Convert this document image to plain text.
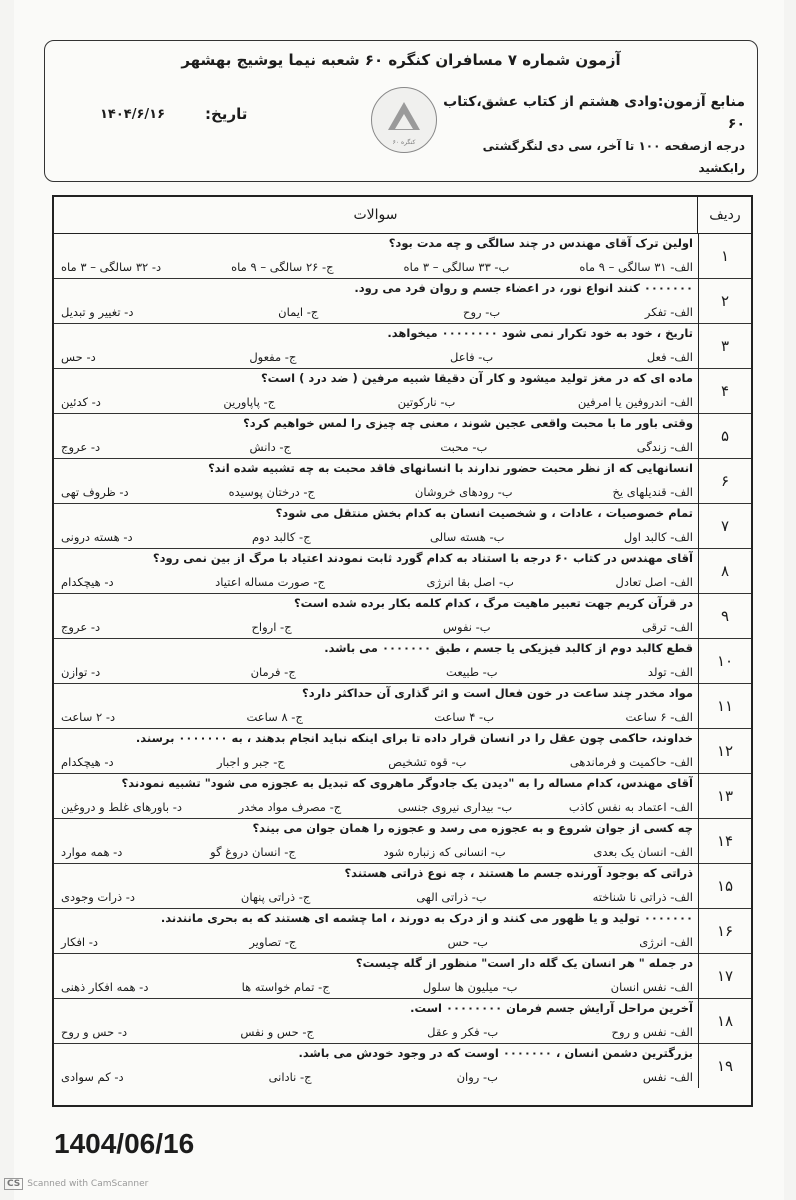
آزمون شماره ۷ مسافران کنگره ۶۰ شعبه نیما یوشیج بهشهر
منابع آزمون:وادی هشتم از کتاب عشق،کتاب ۶۰
درجه ازصفحه ۱۰۰ تا آخر، سی دی لنگرگشتی رابکشید
کنگره ۶۰
تاریخ:
۱۴۰۴/۶/۱۶
سوالات	ردیف
۱
اولین ترک آقای مهندس در چند سالگی و چه مدت بود؟
الف- ۳۱ سالگی – ۹ ماه
ب- ۳۳ سالگی – ۳ ماه
ج- ۲۶ سالگی – ۹ ماه
د- ۳۲ سالگی – ۳ ماه
۲
۰۰۰۰۰۰۰ کنند انواع نور، در اعضاء جسم و روان فرد می رود.
الف- تفکر
ب- روح
ج- ایمان
د- تغییر و تبدیل
۳
تاریخ ، خود به خود تکرار نمی شود ۰۰۰۰۰۰۰۰ میخواهد.
الف- فعل
ب- فاعل
ج- مفعول
د- حس
۴
ماده ای که در مغز تولید میشود و کار آن دقیقا شبیه مرفین ( ضد درد ) است؟
الف- اندروفین یا امرفین
ب- نارکوتین
ج- پاپاورین
د- کدئین
۵
وقتی باور ما با محبت واقعی عجین شوند ، معنی چه چیزی را لمس خواهیم کرد؟
الف- زندگی
ب- محبت
ج- دانش
د- عروج
۶
انسانهایی که از نظر محبت حضور ندارند با انسانهای فاقد محبت به چه تشبیه شده اند؟
الف- قندیلهای یخ
ب- رودهای خروشان
ج- درختان پوسیده
د- ظروف تهی
۷
تمام خصوصیات ، عادات ، و شخصیت انسان به کدام بخش منتقل می شود؟
الف- کالبد اول
ب- هسته سالی
ج- کالبد دوم
د- هسته درونی
۸
آقای مهندس در کتاب ۶۰ درجه با استناد به کدام گورد ثابت نمودند اعتیاد با مرگ از بین نمی رود؟
الف- اصل تعادل
ب- اصل بقا انرژی
ج- صورت مساله اعتیاد
د- هیچکدام
۹
در قرآن کریم جهت تعبیر ماهیت مرگ ، کدام کلمه بکار برده شده است؟
الف- ترقی
ب- نفوس
ج- ارواح
د- عروج
۱۰
قطع کالبد دوم از کالبد فیزیکی یا جسم ، طبق ۰۰۰۰۰۰۰ می باشد.
الف- تولد
ب- طبیعت
ج- فرمان
د- توازن
۱۱
مواد مخدر چند ساعت در خون فعال است و اثر گذاری آن حداکثر دارد؟
الف- ۶ ساعت
ب- ۴ ساعت
ج- ۸ ساعت
د- ۲ ساعت
۱۲
خداوند، حاکمی چون عقل را در انسان قرار داده تا برای اینکه نباید انجام بدهند ، به ۰۰۰۰۰۰۰ برسند.
الف- حاکمیت و فرماندهی
ب- قوه تشخیص
ج- جبر و اجبار
د- هیچکدام
۱۳
آقای مهندس، کدام مساله را به "دیدن یک جادوگر ماهروی که تبدیل به عجوزه می شود" تشبیه نمودند؟
الف- اعتماد به نفس کاذب
ب- بیداری نیروی جنسی
ج- مصرف مواد مخدر
د- باورهای غلط و دروغین
۱۴
چه کسی از جوان شروع و به عجوزه می رسد و عجوزه را همان جوان می بیند؟
الف- انسان یک بعدی
ب- انسانی که زنباره شود
ج- انسان دروغ گو
د- همه موارد
۱۵
ذراتی که بوجود آورنده جسم ما هستند ، چه نوع ذراتی هستند؟
الف- ذراتی نا شناخته
ب- ذراتی الهی
ج- ذراتی پنهان
د- ذرات وجودی
۱۶
۰۰۰۰۰۰۰ تولید و یا ظهور می کنند و از درک به دورند ، اما چشمه ای هستند که به بحری مانندند.
الف- انرژی
ب- حس
ج- تصاویر
د- افکار
۱۷
در جمله " هر انسان یک گله دار است" منظور از گله چیست؟
الف- نفس انسان
ب- میلیون ها سلول
ج- تمام خواسته ها
د- همه افکار ذهنی
۱۸
آخرین مراحل آرایش جسم فرمان ۰۰۰۰۰۰۰۰ است.
الف- نفس و روح
ب- فکر و عقل
ج- حس و نفس
د- حس و روح
۱۹
بزرگترین دشمن انسان ، ۰۰۰۰۰۰۰ اوست که در وجود خودش می باشد.
الف- نفس
ب- روان
ج- نادانی
د- کم سوادی
1404/06/16
CS Scanned with CamScanner
